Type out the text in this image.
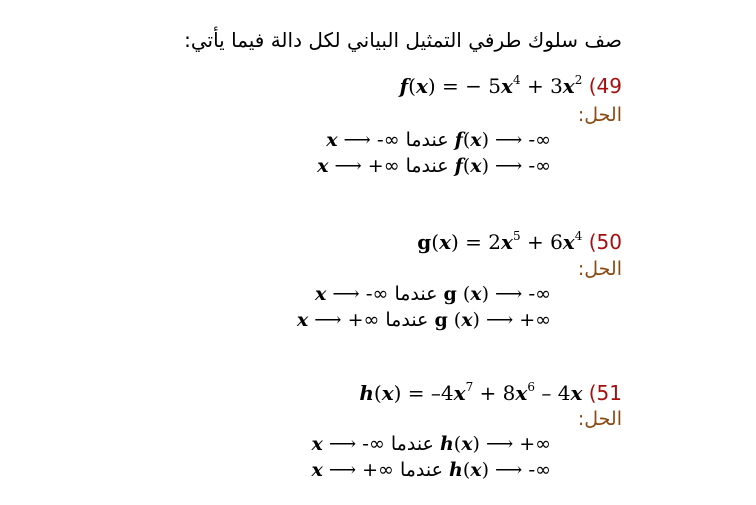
صف سلوك طرفي التمثيل البياني لكل دالة فيما يأتي:
49) f(x) = − $5x^4 + 3x^2$
الحل:
x ⟶ -∞ عندما f(x) ⟶ -∞
x ⟶ +∞ عندما f(x) ⟶ -∞
50) $g(x) = 2x^5 + 6x^4$
الحل:
x ⟶ -∞ عندما g (x) ⟶ -∞
x ⟶ +∞ عندما g (x) ⟶ +∞
51) $h(x) = -4x^7 + 8x^6 - 4x$
الحل:
x ⟶ -∞ عندما h(x) ⟶ +∞
x ⟶ +∞ عندما h(x) ⟶ -∞
